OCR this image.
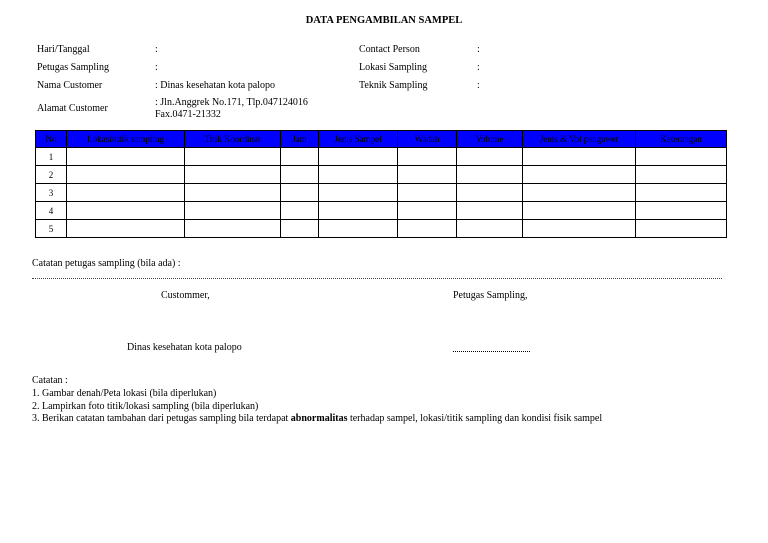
DATA PENGAMBILAN SAMPEL
Hari/Tanggal	:
Petugas Sampling	:
Nama Customer	: Dinas kesehatan kota palopo
Alamat Customer
: Jln.Anggrek No.171, Tlp.047124016
Fax.0471-21332
Contact Person	:
Lokasi Sampling	:
Teknik Sampling	:
No	Lokasi/titik sampling	Titik Koordinat	Jam	Jenis Sampel	Wadah	Volume	Jenis & Vol pengawet	Keterangan
1								
2								
3								
4								
5								
Catatan petugas sampling (bila ada) :
Custommer,	Petugas Sampling,
Dinas kesehatan kota palopo
Catatan :
1. Gambar denah/Peta lokasi (bila diperlukan)
2. Lampirkan foto titik/lokasi sampling (bila diperlukan)
3. Berikan catatan tambahan dari petugas sampling bila terdapat abnormalitas terhadap sampel, lokasi/titik sampling dan kondisi fisik sampel
